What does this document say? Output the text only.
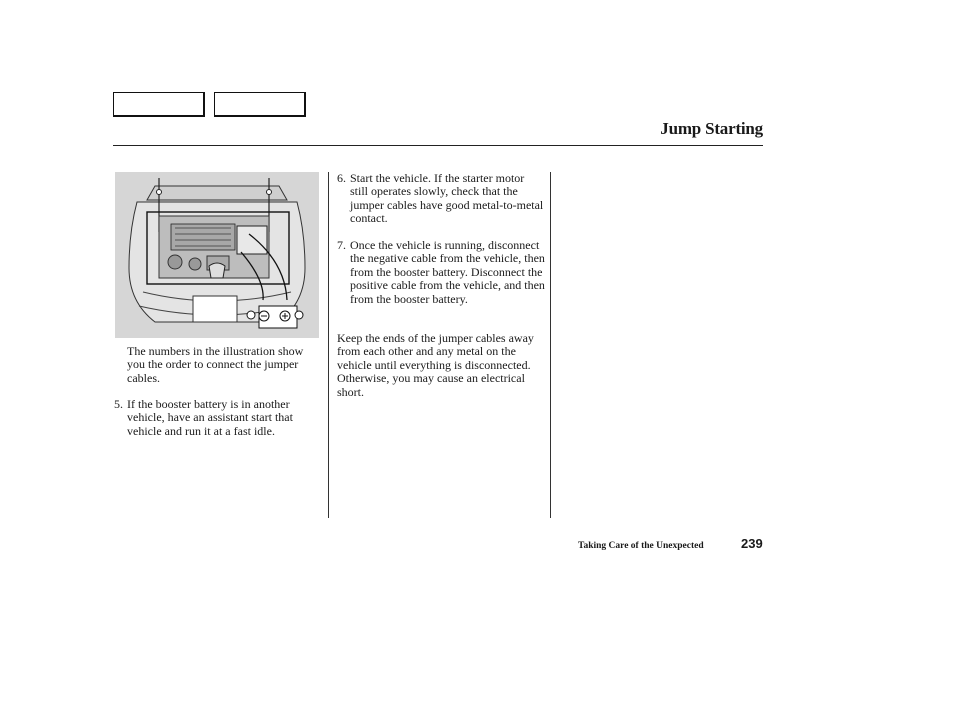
Jump Starting

The numbers in the illustration show you the order to connect the jumper cables.

5. If the booster battery is in another vehicle, have an assistant start that vehicle and run it at a fast idle.
6. Start the vehicle. If the starter motor still operates slowly, check that the jumper cables have good metal-to-metal contact.
7. Once the vehicle is running, disconnect the negative cable from the vehicle, then from the booster battery. Disconnect the positive cable from the vehicle, and then from the booster battery.

Keep the ends of the jumper cables away from each other and any metal on the vehicle until everything is disconnected. Otherwise, you may cause an electrical short.

Taking Care of the Unexpected	239
